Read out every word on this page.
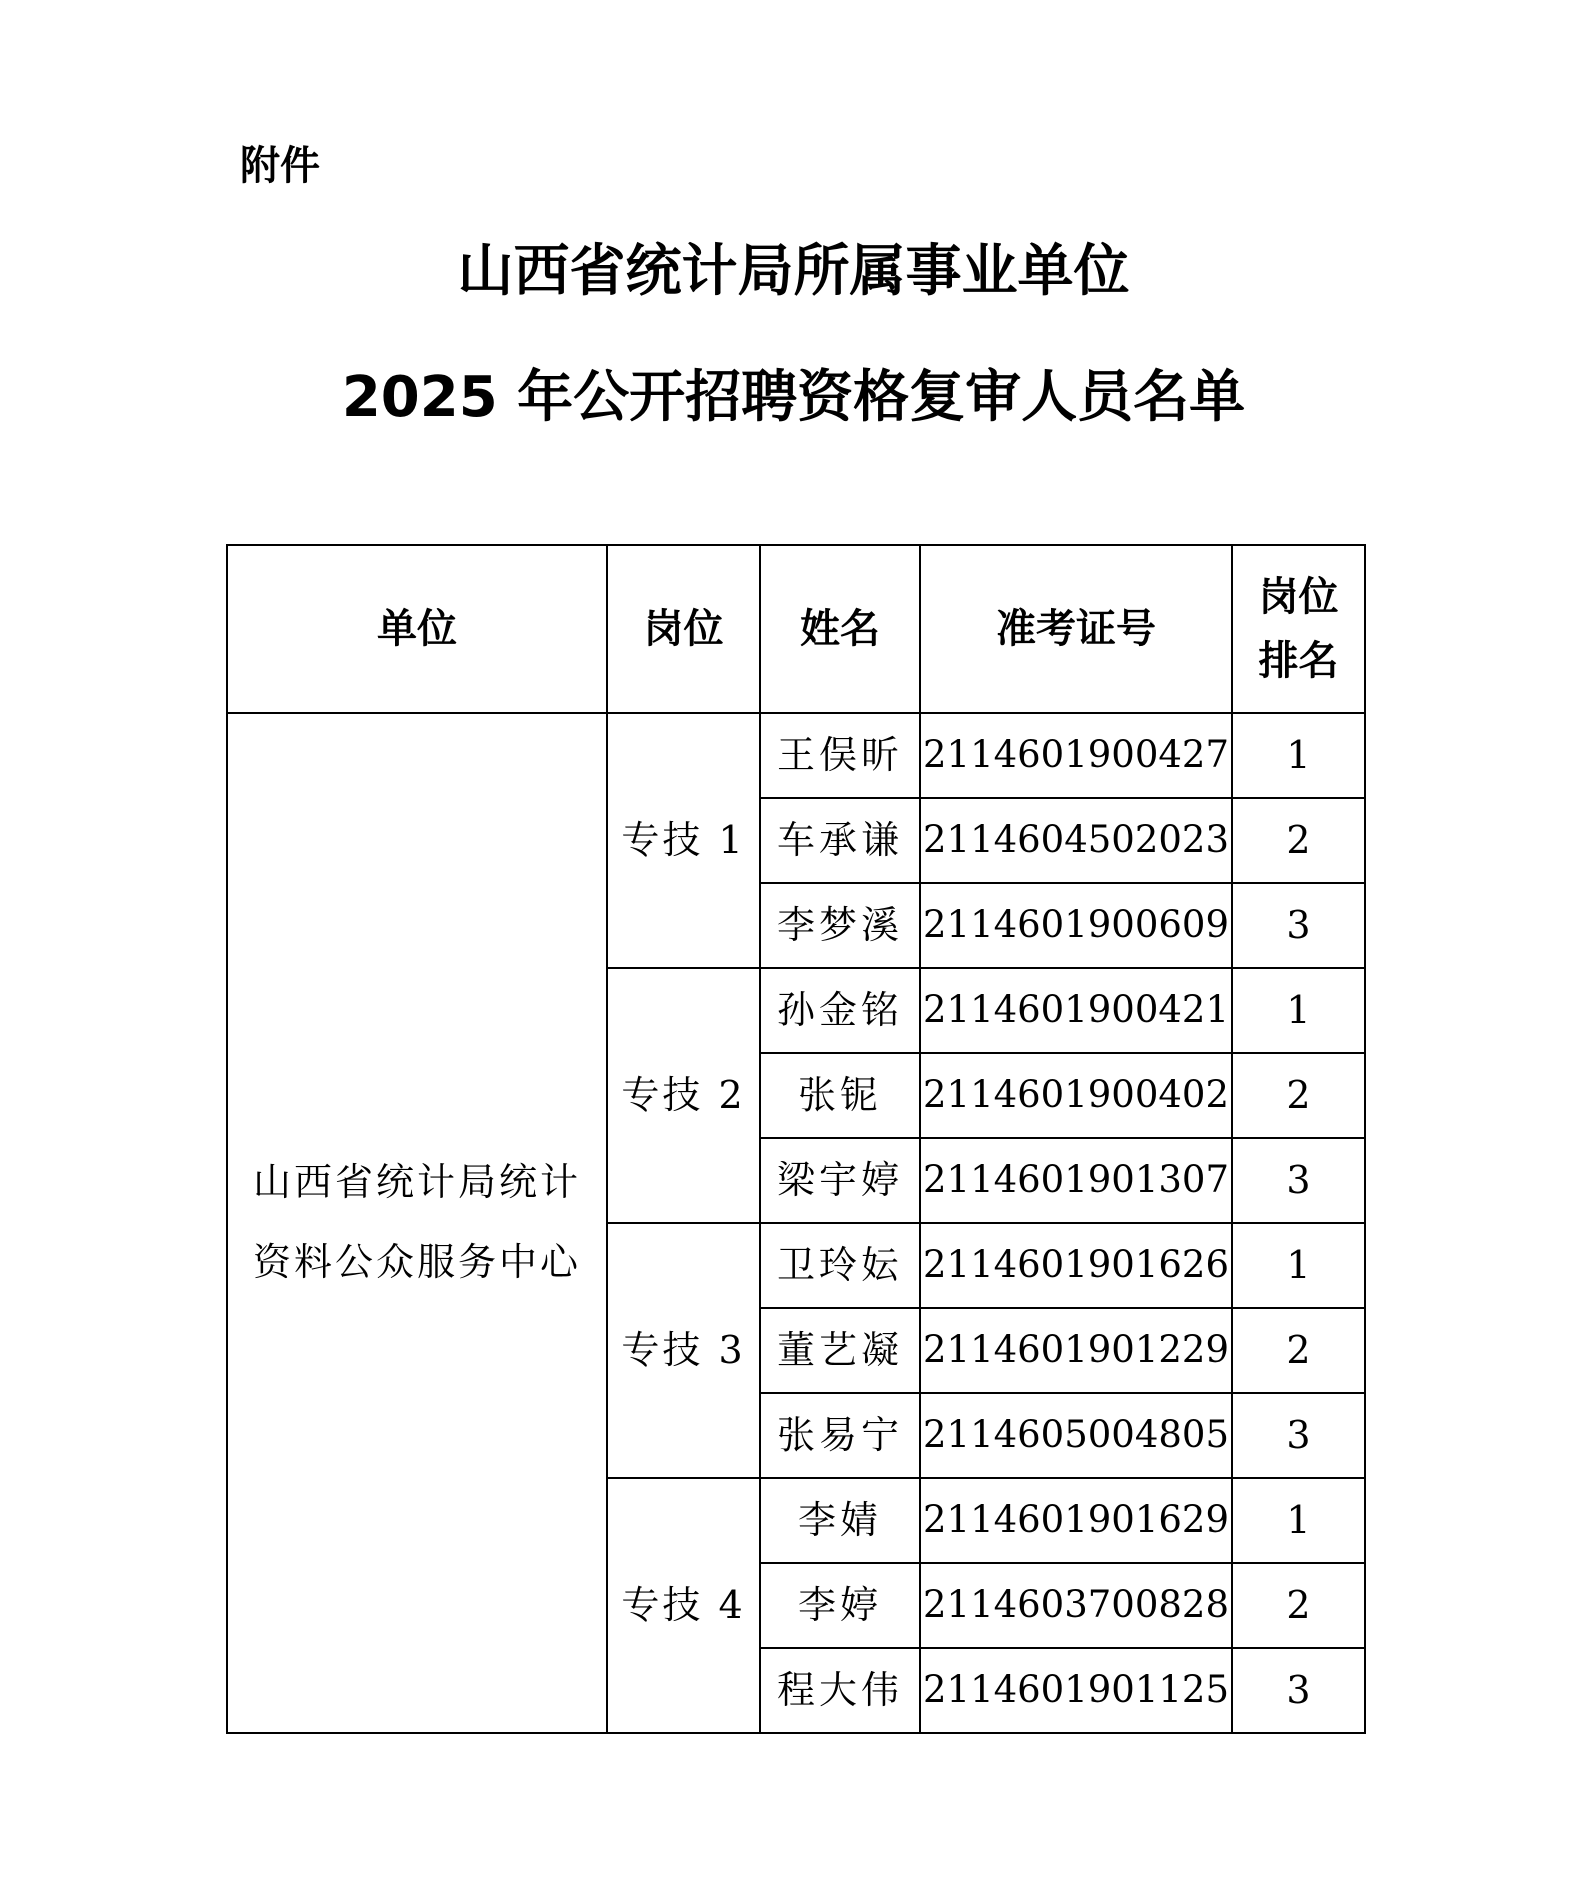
附件
山西省统计局所属事业单位
2025 年公开招聘资格复审人员名单
单位	岗位	姓名	准考证号	岗位
排名

山西省统计局统计资料公众服务中心	专技 1	王俣昕	2114601900427	1
		车承谦	2114604502023	2
		李梦溪	2114601900609	3
	专技 2	孙金铭	2114601900421	1
		张铌	2114601900402	2
		梁宇婷	2114601901307	3
	专技 3	卫玲妘	2114601901626	1
		董艺凝	2114601901229	2
		张易宁	2114605004805	3
	专技 4	李婧	2114601901629	1
		李婷	2114603700828	2
		程大伟	2114601901125	3
